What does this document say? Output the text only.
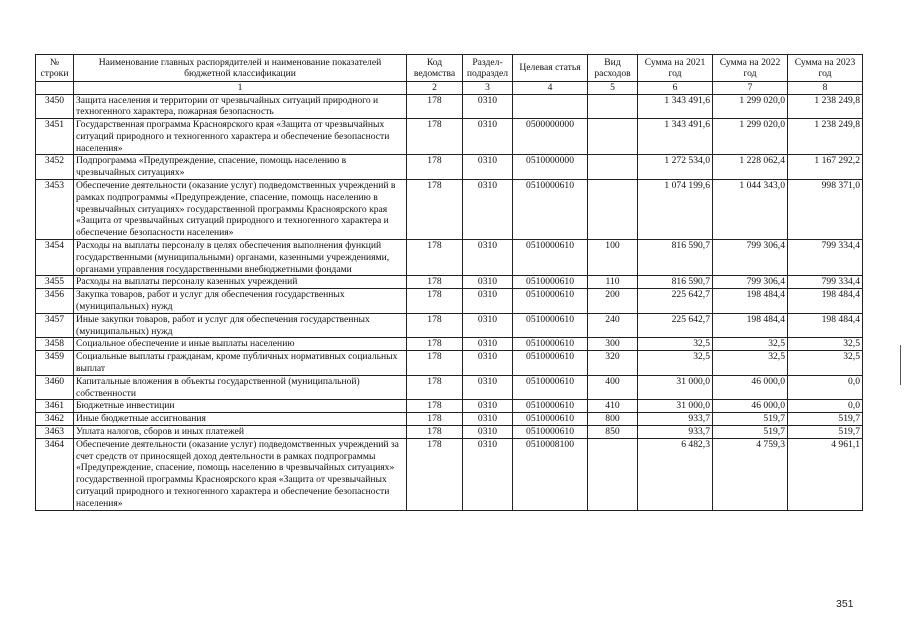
№ строки	Наименование главных распорядителей и наименование показателей бюджетной классификации	Код ведомства	Раздел-подраздел	Целевая статья	Вид расходов	Сумма на 2021 год	Сумма на 2022 год	Сумма на 2023 год
	1	2	3	4	5	6	7	8
3450	Защита населения и территории от чрезвычайных ситуаций природного и техногенного характера, пожарная безопасность	178	0310			1 343 491,6	1 299 020,0	1 238 249,8
3451	Государственная программа Красноярского края «Защита от чрезвычайных ситуаций природного и техногенного характера и обеспечение безопасности населения»	178	0310	0500000000		1 343 491,6	1 299 020,0	1 238 249,8
3452	Подпрограмма «Предупреждение, спасение, помощь населению в чрезвычайных ситуациях»	178	0310	0510000000		1 272 534,0	1 228 062,4	1 167 292,2
3453	Обеспечение деятельности (оказание услуг) подведомственных учреждений в рамках подпрограммы «Предупреждение, спасение, помощь населению в чрезвычайных ситуациях» государственной программы Красноярского края «Защита от чрезвычайных ситуаций природного и техногенного характера и обеспечение безопасности населения»	178	0310	0510000610		1 074 199,6	1 044 343,0	998 371,0
3454	Расходы на выплаты персоналу в целях обеспечения выполнения функций государственными (муниципальными) органами, казенными учреждениями, органами управления государственными внебюджетными фондами	178	0310	0510000610	100	816 590,7	799 306,4	799 334,4
3455	Расходы на выплаты персоналу казенных учреждений	178	0310	0510000610	110	816 590,7	799 306,4	799 334,4
3456	Закупка товаров, работ и услуг для обеспечения государственных (муниципальных) нужд	178	0310	0510000610	200	225 642,7	198 484,4	198 484,4
3457	Иные закупки товаров, работ и услуг для обеспечения государственных (муниципальных) нужд	178	0310	0510000610	240	225 642,7	198 484,4	198 484,4
3458	Социальное обеспечение и иные выплаты населению	178	0310	0510000610	300	32,5	32,5	32,5
3459	Социальные выплаты гражданам, кроме публичных нормативных социальных выплат	178	0310	0510000610	320	32,5	32,5	32,5
3460	Капитальные вложения в объекты государственной (муниципальной) собственности	178	0310	0510000610	400	31 000,0	46 000,0	0,0
3461	Бюджетные инвестиции	178	0310	0510000610	410	31 000,0	46 000,0	0,0
3462	Иные бюджетные ассигнования	178	0310	0510000610	800	933,7	519,7	519,7
3463	Уплата налогов, сборов и иных платежей	178	0310	0510000610	850	933,7	519,7	519,7
3464	Обеспечение деятельности (оказание услуг) подведомственных учреждений за счет средств от приносящей доход деятельности в рамках подпрограммы «Предупреждение, спасение, помощь населению в чрезвычайных ситуациях» государственной программы Красноярского края «Защита от чрезвычайных ситуаций природного и техногенного характера и обеспечение безопасности населения»	178	0310	0510008100		6 482,3	4 759,3	4 961,1
351
